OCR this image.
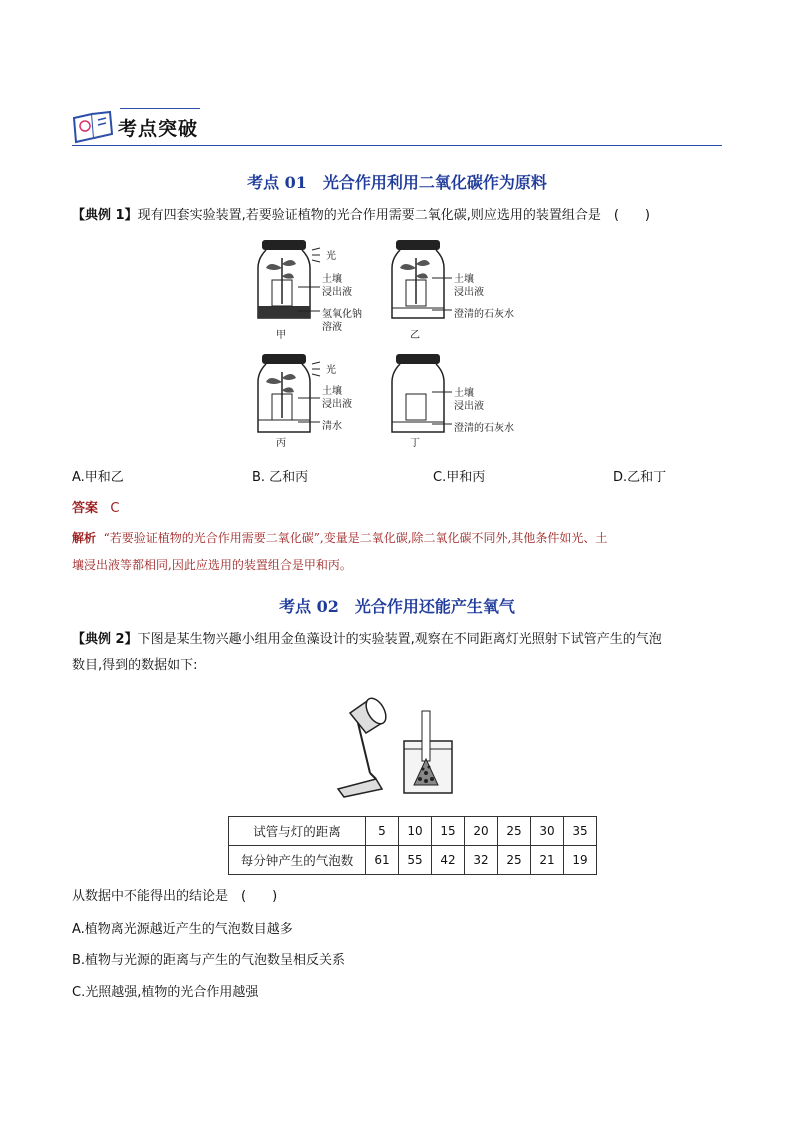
考点突破
考点 01　光合作用利用二氧化碳作为原料
【典例 1】现有四套实验装置,若要验证植物的光合作用需要二氧化碳,则应选用的装置组合是　(　　)
光
土壤
浸出液
氢氧化钠
溶液
甲
土壤
浸出液
澄清的石灰水
乙
光
土壤
浸出液
清水
丙
土壤
浸出液
澄清的石灰水
丁
A.甲和乙	B. 乙和丙	C.甲和丙	D.乙和丁
答案 C
解析 “若要验证植物的光合作用需要二氧化碳”,变量是二氧化碳,除二氧化碳不同外,其他条件如光、土
壤浸出液等都相同,因此应选用的装置组合是甲和丙。
考点 02　光合作用还能产生氧气
【典例 2】下图是某生物兴趣小组用金鱼藻设计的实验装置,观察在不同距离灯光照射下试管产生的气泡
数目,得到的数据如下:
试管与灯的距离	5	10	15	20	25	30	35
每分钟产生的气泡数	61	55	42	32	25	21	19
从数据中不能得出的结论是　(　　)
A.植物离光源越近产生的气泡数目越多
B.植物与光源的距离与产生的气泡数呈相反关系
C.光照越强,植物的光合作用越强
